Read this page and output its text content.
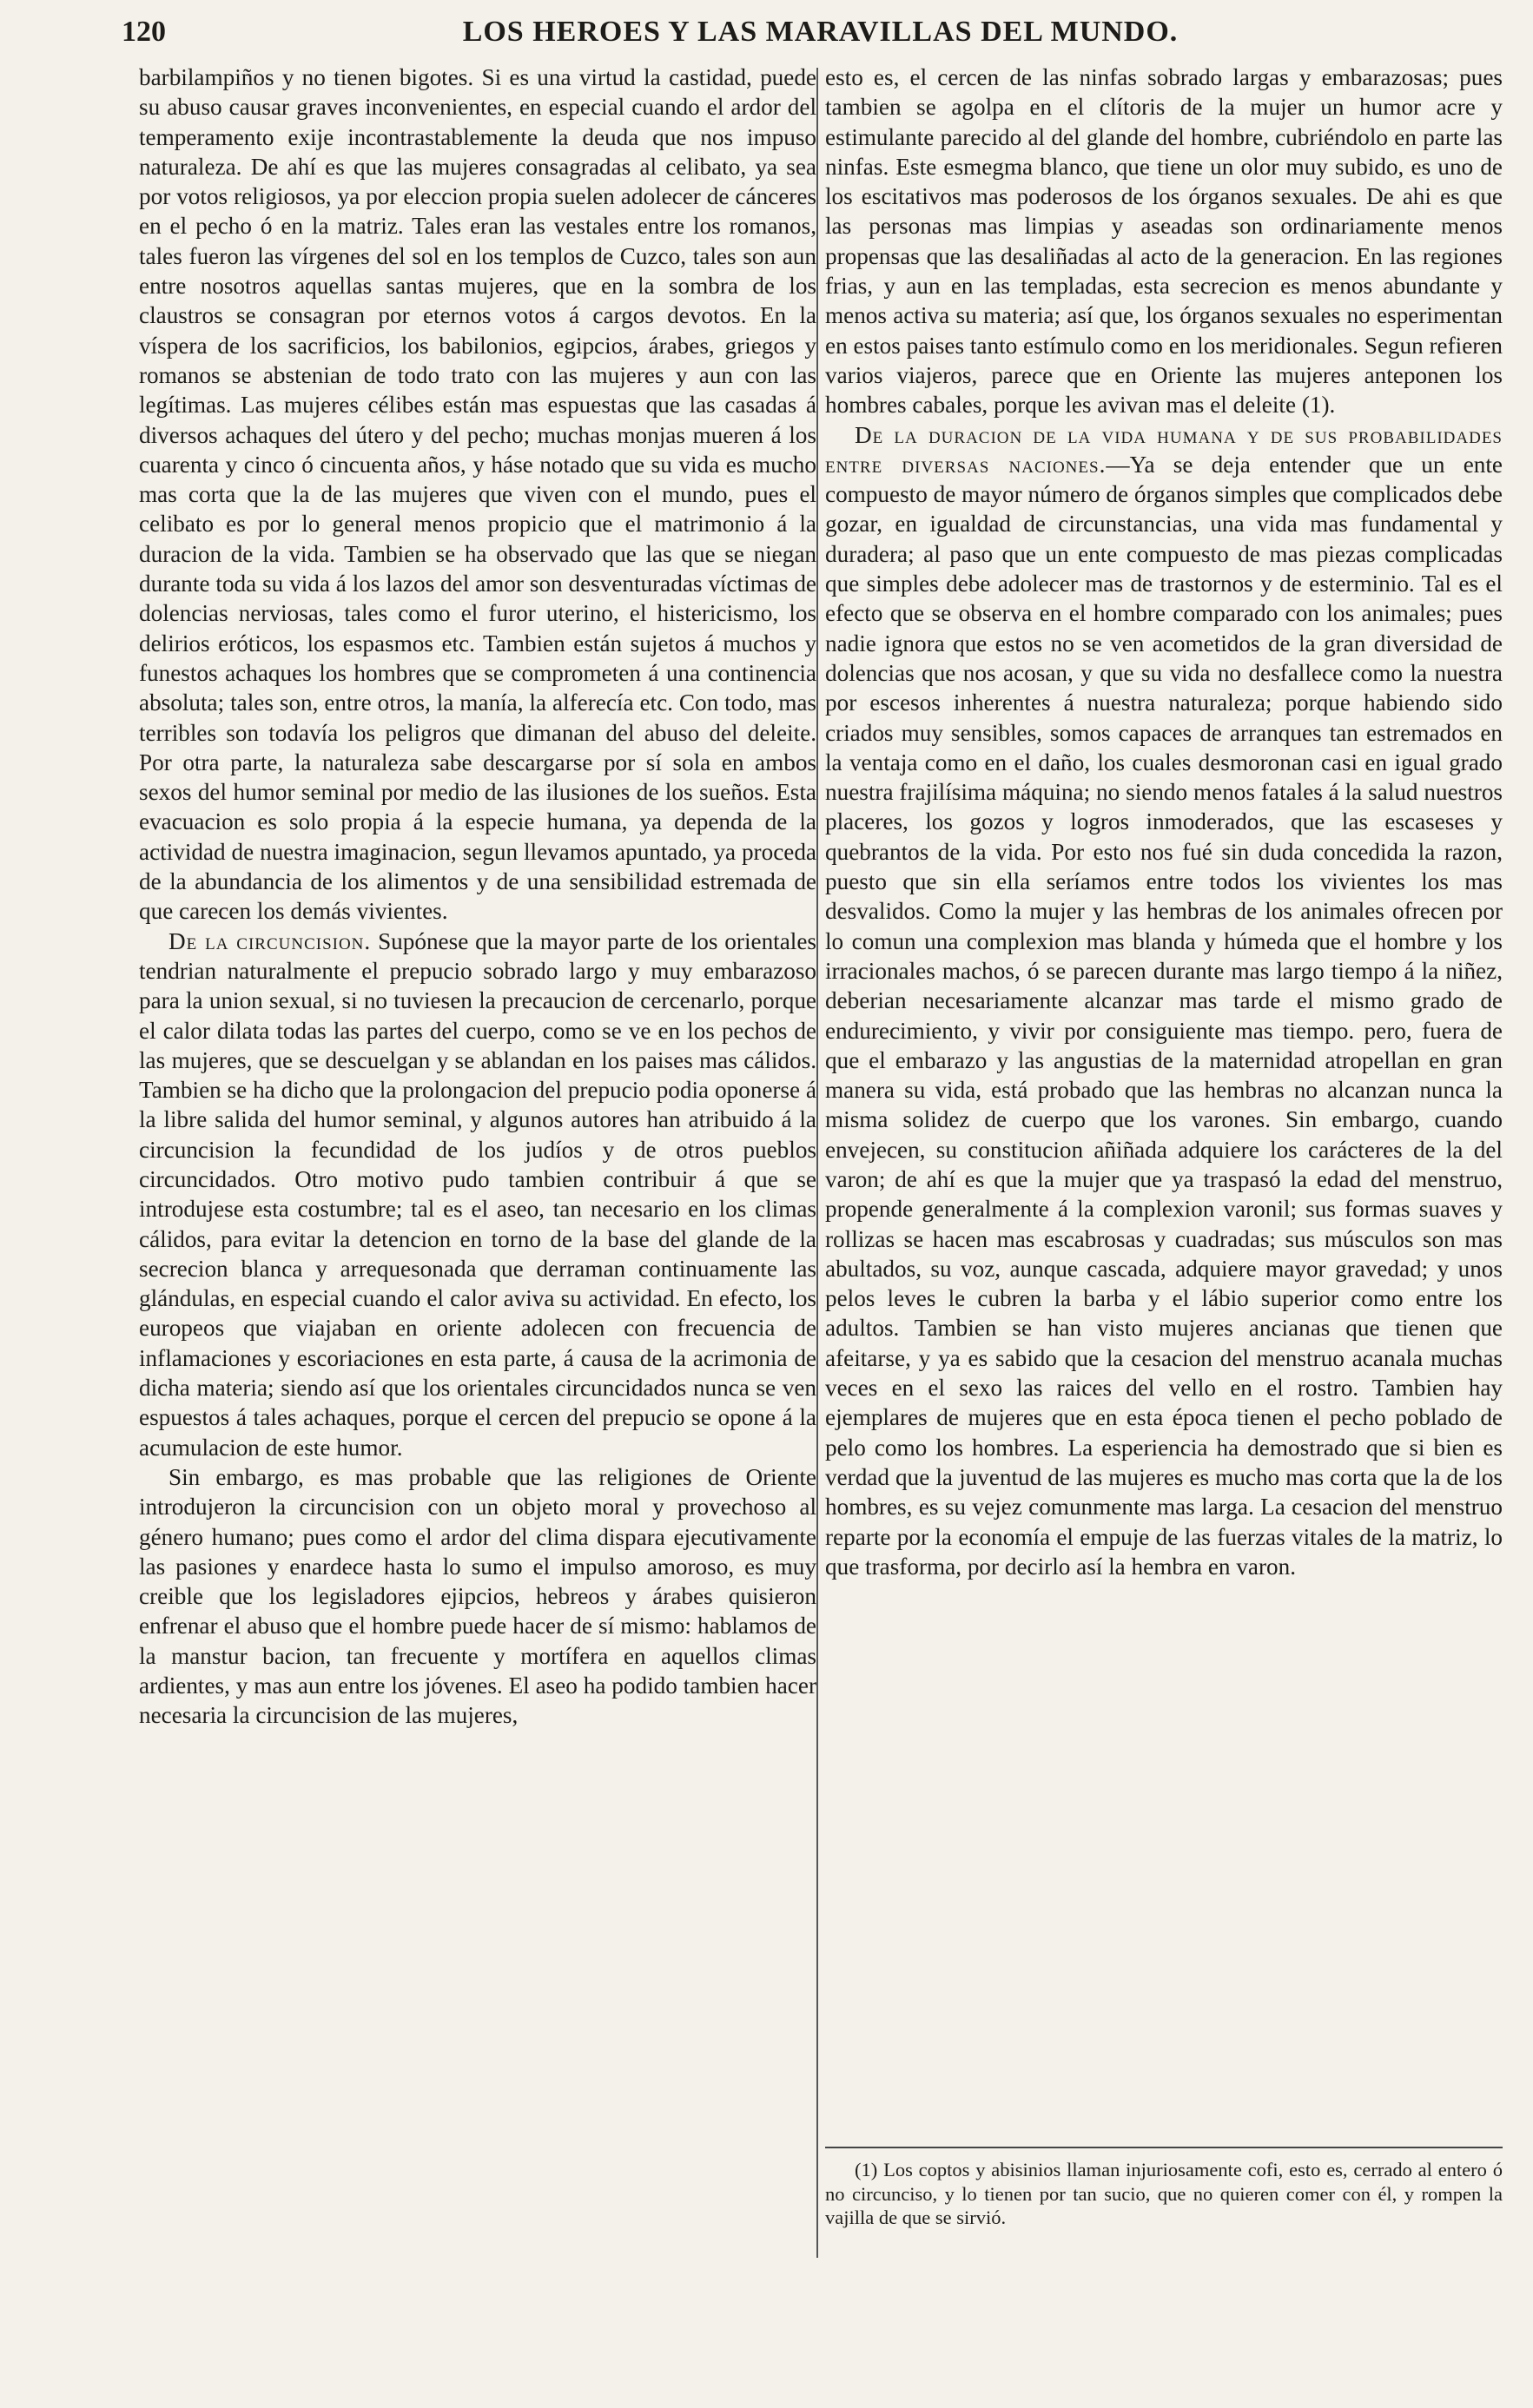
120	LOS HEROES Y LAS MARAVILLAS DEL MUNDO.

barbilampiños y no tienen bigotes. Si es una virtud la castidad, puede su abuso causar graves inconvenientes, en especial cuando el ardor del temperamento exije incontrastablemente la deuda que nos impuso naturaleza. De ahí es que las mujeres consagradas al celibato, ya sea por votos religiosos, ya por eleccion propia suelen adolecer de cánceres en el pecho ó en la matriz. Tales eran las vestales entre los romanos, tales fueron las vírgenes del sol en los templos de Cuzco, tales son aun entre nosotros aquellas santas mujeres, que en la sombra de los claustros se consagran por eternos votos á cargos devotos. En la víspera de los sacrificios, los babilonios, egipcios, árabes, griegos y romanos se abstenian de todo trato con las mujeres y aun con las legítimas. Las mujeres célibes están mas espuestas que las casadas á diversos achaques del útero y del pecho; muchas monjas mueren á los cuarenta y cinco ó cincuenta años, y háse notado que su vida es mucho mas corta que la de las mujeres que viven con el mundo, pues el celibato es por lo general menos propicio que el matrimonio á la duracion de la vida. Tambien se ha observado que las que se niegan durante toda su vida á los lazos del amor son desventuradas víctimas de dolencias nerviosas, tales como el furor uterino, el histericismo, los delirios eróticos, los espasmos etc. Tambien están sujetos á muchos y funestos achaques los hombres que se comprometen á una continencia absoluta; tales son, entre otros, la manía, la alferecía etc. Con todo, mas terribles son todavía los peligros que dimanan del abuso del deleite. Por otra parte, la naturaleza sabe descargarse por sí sola en ambos sexos del humor seminal por medio de las ilusiones de los sueños. Esta evacuacion es solo propia á la especie humana, ya dependa de la actividad de nuestra imaginacion, segun llevamos apuntado, ya proceda de la abundancia de los alimentos y de una sensibilidad estremada de que carecen los demás vivientes.

De la circuncision. Supónese que la mayor parte de los orientales tendrian naturalmente el prepucio sobrado largo y muy embarazoso para la union sexual, si no tuviesen la precaucion de cercenarlo, porque el calor dilata todas las partes del cuerpo, como se ve en los pechos de las mujeres, que se descuelgan y se ablandan en los paises mas cálidos. Tambien se ha dicho que la prolongacion del prepucio podia oponerse á la libre salida del humor seminal, y algunos autores han atribuido á la circuncision la fecundidad de los judíos y de otros pueblos circuncidados. Otro motivo pudo tambien contribuir á que se introdujese esta costumbre; tal es el aseo, tan necesario en los climas cálidos, para evitar la detencion en torno de la base del glande de la secrecion blanca y arrequesonada que derraman continuamente las glándulas, en especial cuando el calor aviva su actividad. En efecto, los europeos que viajaban en oriente adolecen con frecuencia de inflamaciones y escoriaciones en esta parte, á causa de la acrimonia de dicha materia; siendo así que los orientales circuncidados nunca se ven espuestos á tales achaques, porque el cercen del prepucio se opone á la acumulacion de este humor.

Sin embargo, es mas probable que las religiones de Oriente introdujeron la circuncision con un objeto moral y provechoso al género humano; pues como el ardor del clima dispara ejecutivamente las pasiones y enardece hasta lo sumo el impulso amoroso, es muy creible que los legisladores ejipcios, hebreos y árabes quisieron enfrenar el abuso que el hombre puede hacer de sí mismo: hablamos de la manstur bacion, tan frecuente y mortífera en aquellos climas ardientes, y mas aun entre los jóvenes. El aseo ha podido tambien hacer necesaria la circuncision de las mujeres,

esto es, el cercen de las ninfas sobrado largas y embarazosas; pues tambien se agolpa en el clítoris de la mujer un humor acre y estimulante parecido al del glande del hombre, cubriéndolo en parte las ninfas. Este esmegma blanco, que tiene un olor muy subido, es uno de los escitativos mas poderosos de los órganos sexuales. De ahi es que las personas mas limpias y aseadas son ordinariamente menos propensas que las desaliñadas al acto de la generacion. En las regiones frias, y aun en las templadas, esta secrecion es menos abundante y menos activa su materia; así que, los órganos sexuales no esperimentan en estos paises tanto estímulo como en los meridionales. Segun refieren varios viajeros, parece que en Oriente las mujeres anteponen los hombres cabales, porque les avivan mas el deleite (1).

De la duracion de la vida humana y de sus probabilidades entre diversas naciones.—Ya se deja entender que un ente compuesto de mayor número de órganos simples que complicados debe gozar, en igualdad de circunstancias, una vida mas fundamental y duradera; al paso que un ente compuesto de mas piezas complicadas que simples debe adolecer mas de trastornos y de esterminio. Tal es el efecto que se observa en el hombre comparado con los animales; pues nadie ignora que estos no se ven acometidos de la gran diversidad de dolencias que nos acosan, y que su vida no desfallece como la nuestra por escesos inherentes á nuestra naturaleza; porque habiendo sido criados muy sensibles, somos capaces de arranques tan estremados en la ventaja como en el daño, los cuales desmoronan casi en igual grado nuestra frajilísima máquina; no siendo menos fatales á la salud nuestros placeres, los gozos y logros inmoderados, que las escaseses y quebrantos de la vida. Por esto nos fué sin duda concedida la razon, puesto que sin ella seríamos entre todos los vivientes los mas desvalidos. Como la mujer y las hembras de los animales ofrecen por lo comun una complexion mas blanda y húmeda que el hombre y los irracionales machos, ó se parecen durante mas largo tiempo á la niñez, deberian necesariamente alcanzar mas tarde el mismo grado de endurecimiento, y vivir por consiguiente mas tiempo. pero, fuera de que el embarazo y las angustias de la maternidad atropellan en gran manera su vida, está probado que las hembras no alcanzan nunca la misma solidez de cuerpo que los varones. Sin embargo, cuando envejecen, su constitucion añiñada adquiere los carácteres de la del varon; de ahí es que la mujer que ya traspasó la edad del menstruo, propende generalmente á la complexion varonil; sus formas suaves y rollizas se hacen mas escabrosas y cuadradas; sus músculos son mas abultados, su voz, aunque cascada, adquiere mayor gravedad; y unos pelos leves le cubren la barba y el lábio superior como entre los adultos. Tambien se han visto mujeres ancianas que tienen que afeitarse, y ya es sabido que la cesacion del menstruo acanala muchas veces en el sexo las raices del vello en el rostro. Tambien hay ejemplares de mujeres que en esta época tienen el pecho poblado de pelo como los hombres. La esperiencia ha demostrado que si bien es verdad que la juventud de las mujeres es mucho mas corta que la de los hombres, es su vejez comunmente mas larga. La cesacion del menstruo reparte por la economía el empuje de las fuerzas vitales de la matriz, lo que trasforma, por decirlo así la hembra en varon.

(1) Los coptos y abisinios llaman injuriosamente cofi, esto es, cerrado al entero ó no circunciso, y lo tienen por tan sucio, que no quieren comer con él, y rompen la vajilla de que se sirvió.
